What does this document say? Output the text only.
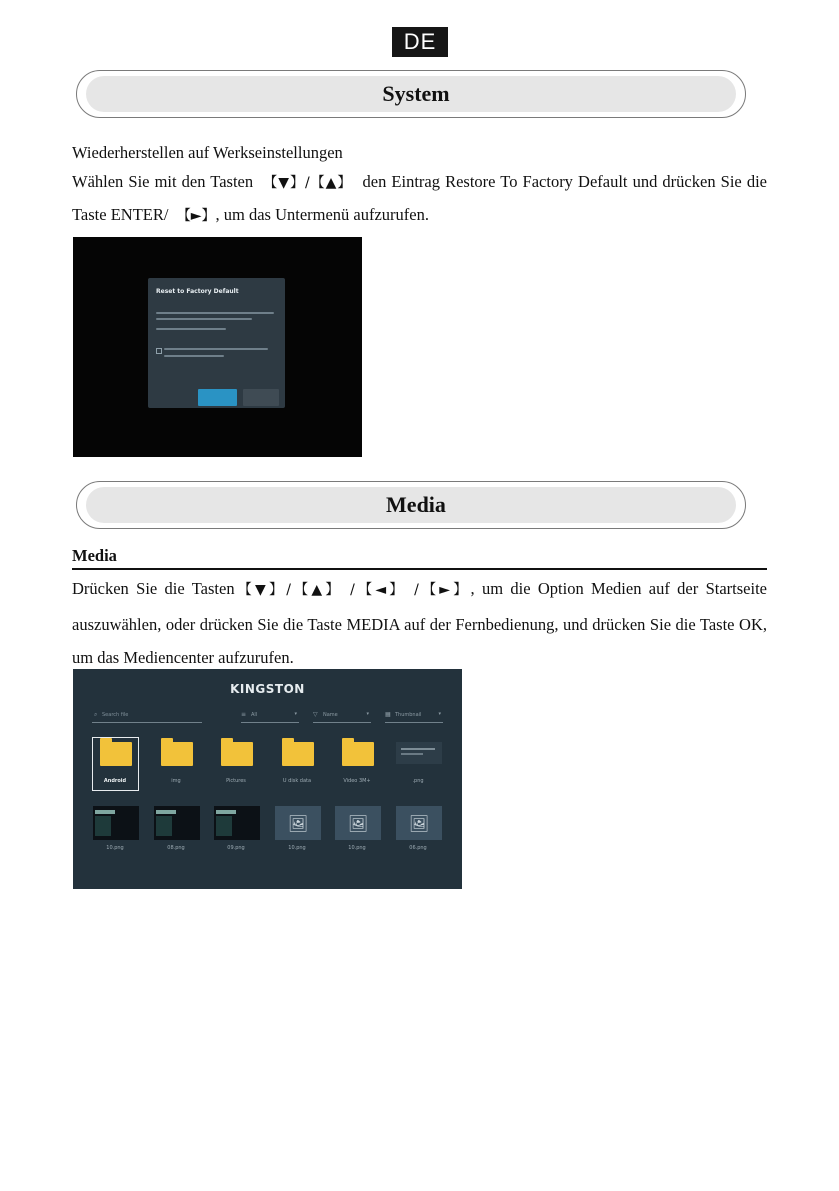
DE
System

Wiederherstellen auf Werkseinstellungen

Wählen Sie mit den Tasten 【▼】/【▲】 den Eintrag Restore To Factory Default und drücken Sie die Taste ENTER/ 【►】, um das Untermenü aufzurufen.

Reset to Factory Default
Media
Media

Drücken Sie die Tasten【▼】/【▲】 /【◄】 /【►】, um die Option Medien auf der Startseite auszuwählen, oder drücken Sie die Taste MEDIA auf der Fernbedienung, und drücken Sie die Taste OK, um das Mediencenter aufzurufen.

KINGSTON
⌕ Search file	≡ All	▾	▽ Name	▾	▦ Thumbnail	▾
Android	img	Pictures	U disk data	Video 3M+	.png
10.png	08.png	09.png
🖼
10.png
🖼
10.png
🖼
06.png
